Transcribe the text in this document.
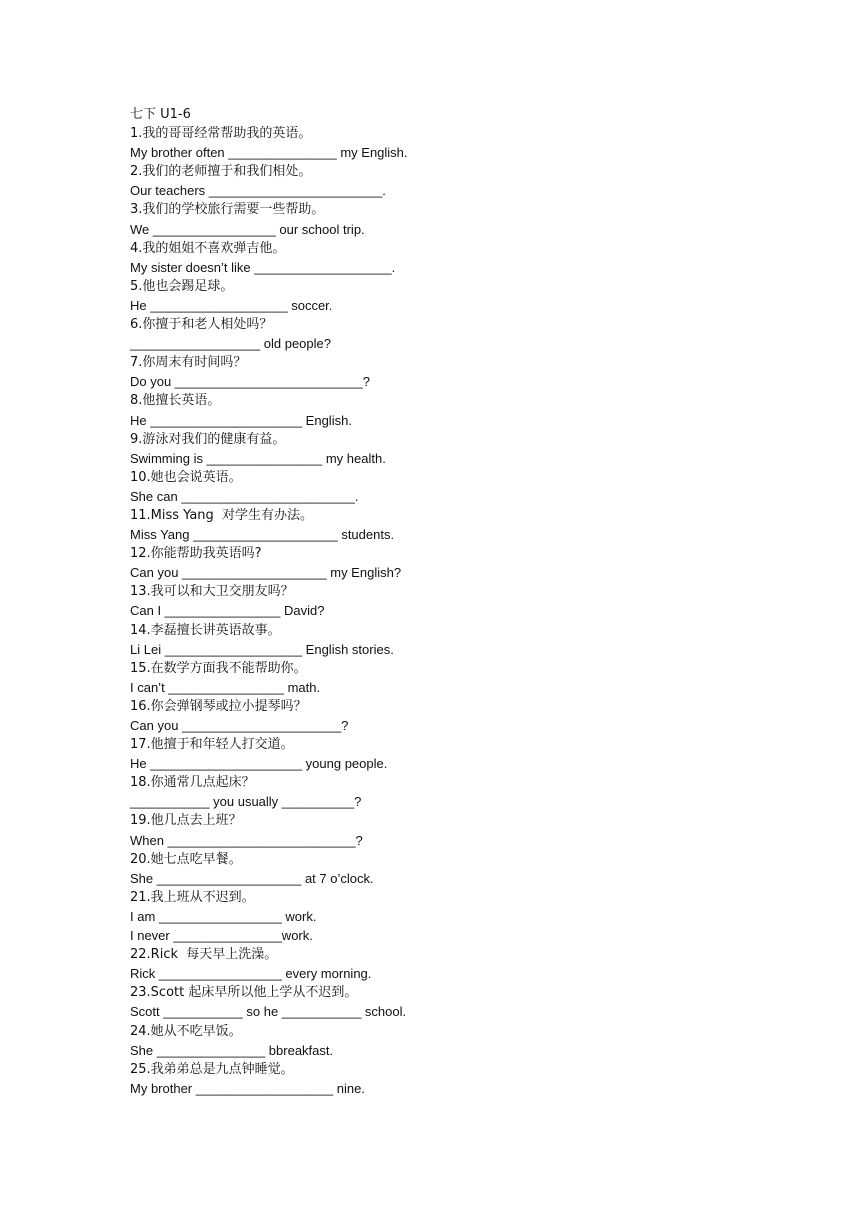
七下 U1-6
1.我的哥哥经常帮助我的英语。
My brother often _______________ my English.
2.我们的老师擅于和我们相处。
Our teachers ________________________.
3.我们的学校旅行需要一些帮助。
We _________________ our school trip.
4.我的姐姐不喜欢弹吉他。
My sister doesn’t like ___________________.
5.他也会踢足球。
He ___________________ soccer.
6.你擅于和老人相处吗？
__________________ old people?
7.你周末有时间吗？
Do you __________________________?
8.他擅长英语。
He _____________________ English.
9.游泳对我们的健康有益。
Swimming is ________________ my health.
10.她也会说英语。
She can ________________________.
11.Miss Yang  对学生有办法。
Miss Yang ____________________ students.
12.你能帮助我英语吗?
Can you ____________________ my English?
13.我可以和大卫交朋友吗？
Can I ________________ David?
14.李磊擅长讲英语故事。
Li Lei ___________________ English stories.
15.在数学方面我不能帮助你。
I can’t ________________ math.
16.你会弹钢琴或拉小提琴吗？
Can you ______________________?
17.他擅于和年轻人打交道。
He _____________________ young people.
18.你通常几点起床？
___________ you usually __________?
19.他几点去上班？
When __________________________?
20.她七点吃早餐。
She ____________________ at 7 o’clock.
21.我上班从不迟到。
I am _________________ work.
I never _______________work.
22.Rick  每天早上洗澡。
Rick _________________ every morning.
23.Scott 起床早所以他上学从不迟到。
Scott ___________ so he ___________ school.
24.她从不吃早饭。
She _______________ bbreakfast.
25.我弟弟总是九点钟睡觉。
My brother ___________________ nine.
